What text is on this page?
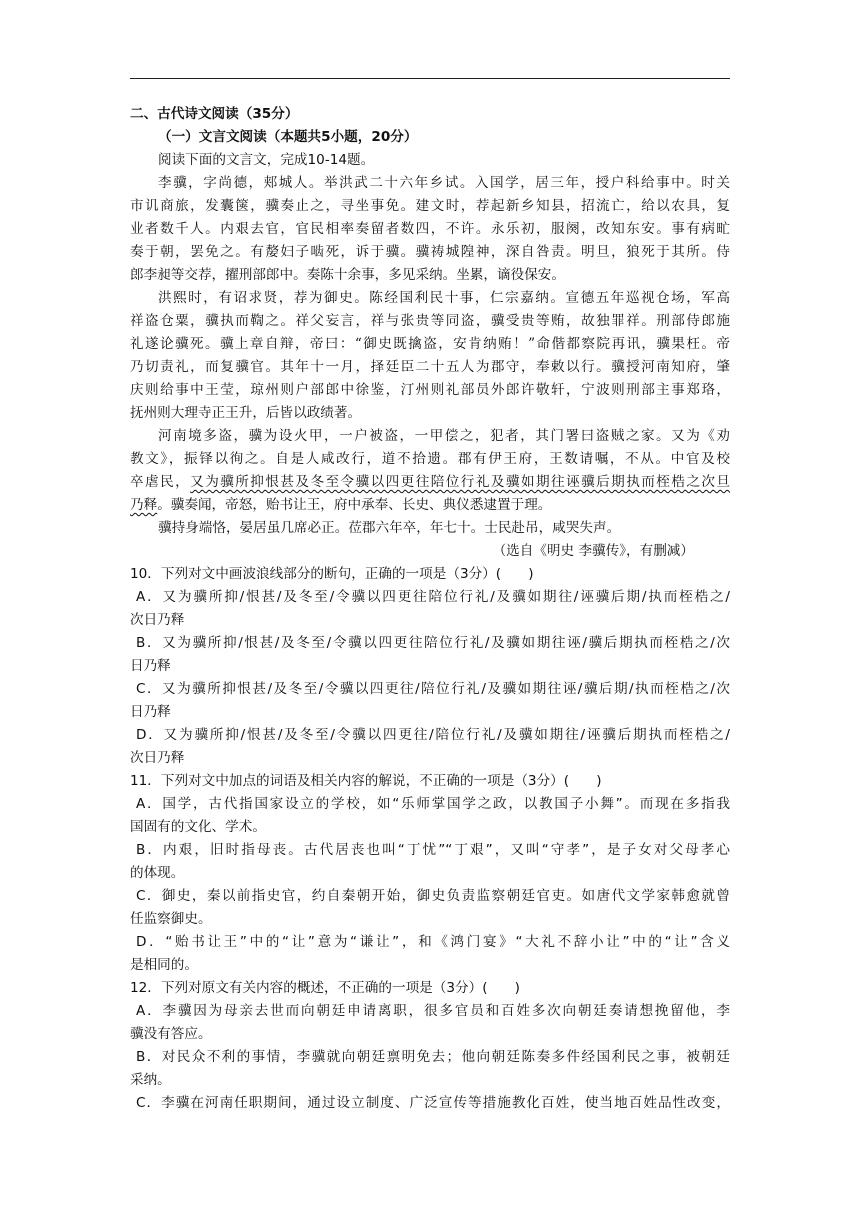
二、古代诗文阅读（35分）
（一）文言文阅读（本题共5小题，20分）
阅读下面的文言文，完成10-14题。
李骥，字尚德，郏城人。举洪武二十六年乡试。入国学，居三年，授户科给事中。时关
市讥商旅，发囊箧，骥奏止之，寻坐事免。建文时，荐起新乡知县，招流亡，给以农具，复
业者数千人。内艰去官，官民相率奏留者数四，不许。永乐初，服阕，改知东安。事有病甿
奏于朝，罢免之。有嫠妇子啮死，诉于骥。骥祷城隍神，深自咎责。明旦，狼死于其所。侍
郎李昶等交荐，擢刑部郎中。奏陈十余事，多见采纳。坐累，谪役保安。
洪熙时，有诏求贤，荐为御史。陈经国利民十事，仁宗嘉纳。宣德五年巡视仓场，军高
祥盗仓粟，骥执而鞫之。祥父妄言，祥与张贵等同盗，骥受贵等贿，故独罪祥。刑部侍郎施
礼遂论骥死。骥上章自辩，帝曰：“御史既擒盗，安肯纳贿！”命偕都察院再讯，骥果枉。帝
乃切责礼，而复骥官。其年十一月，择廷臣二十五人为郡守，奉敕以行。骥授河南知府，肇
庆则给事中王莹，琼州则户部郎中徐鉴，汀州则礼部员外郎许敬轩，宁波则刑部主事郑珞，
抚州则大理寺正王升，后皆以政绩著。
河南境多盗，骥为设火甲，一户被盗，一甲偿之，犯者，其门署曰盗贼之家。又为《劝
教文》，振铎以徇之。自是人咸改行，道不拾遗。郡有伊王府，王数请嘱，不从。中官及校
卒虐民，又为骥所抑恨甚及冬至令骥以四更往陪位行礼及骥如期往诬骥后期执而桎梏之次旦
乃释。骥奏闻，帝怒，贻书让王，府中承奉、长史、典仪悉逮置于理。
骥持身端恪，晏居虽几席必正。莅郡六年卒，年七十。士民赴吊，咸哭失声。
（选自《明史 李骥传》，有删减）
10．下列对文中画波浪线部分的断句，正确的一项是（3分）(　　)
A．又为骥所抑/恨甚/及冬至/令骥以四更往陪位行礼/及骥如期往/诬骥后期/执而桎梏之/
次日乃释
B．又为骥所抑/恨甚/及冬至/令骥以四更往陪位行礼/及骥如期往诬/骥后期执而桎梏之/次
日乃释
C．又为骥所抑恨甚/及冬至/令骥以四更往/陪位行礼/及骥如期往诬/骥后期/执而桎梏之/次
日乃释
D．又为骥所抑/恨甚/及冬至/令骥以四更往/陪位行礼/及骥如期往/诬骥后期执而桎梏之/
次日乃释
11．下列对文中加点的词语及相关内容的解说，不正确的一项是（3分）(　　)
A．国学，古代指国家设立的学校，如“乐师掌国学之政，以教国子小舞”。而现在多指我
国固有的文化、学术。
B．内艰，旧时指母丧。古代居丧也叫“丁忧”“丁艰”，又叫“守孝”，是子女对父母孝心
的体现。
C．御史，秦以前指史官，约自秦朝开始，御史负责监察朝廷官吏。如唐代文学家韩愈就曾
任监察御史。
D．“贻书让王”中的“让”意为“谦让”，和《鸿门宴》“大礼不辞小让”中的“让”含义
是相同的。
12．下列对原文有关内容的概述，不正确的一项是（3分）(　　)
A．李骥因为母亲去世而向朝廷申请离职，很多官员和百姓多次向朝廷奏请想挽留他，李
骥没有答应。
B．对民众不利的事情，李骥就向朝廷禀明免去；他向朝廷陈奏多件经国利民之事，被朝廷
采纳。
C．李骥在河南任职期间，通过设立制度、广泛宣传等措施教化百姓，使当地百姓品性改变，
